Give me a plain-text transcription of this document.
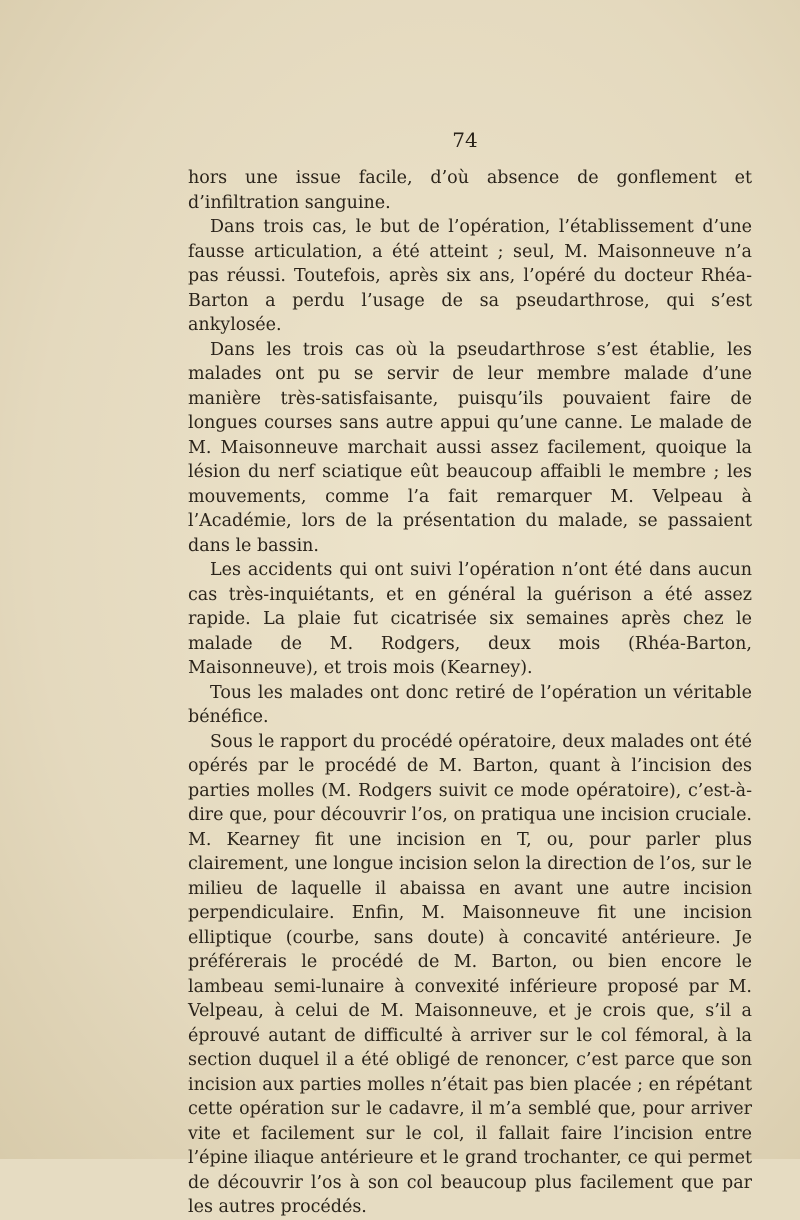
74

hors une issue facile, d’où absence de gonflement et d’infiltration sanguine.

Dans trois cas, le but de l’opération, l’établissement d’une fausse articulation, a été atteint ; seul, M. Maisonneuve n’a pas réussi. Toutefois, après six ans, l’opéré du docteur Rhéa-Barton a perdu l’usage de sa pseudarthrose, qui s’est ankylosée.

Dans les trois cas où la pseudarthrose s’est établie, les malades ont pu se servir de leur membre malade d’une manière très-satisfaisante, puisqu’ils pouvaient faire de longues courses sans autre appui qu’une canne. Le malade de M. Maisonneuve marchait aussi assez facilement, quoique la lésion du nerf sciatique eût beaucoup affaibli le membre ; les mouvements, comme l’a fait remarquer M. Velpeau à l’Académie, lors de la présentation du malade, se passaient dans le bassin.

Les accidents qui ont suivi l’opération n’ont été dans aucun cas très-inquiétants, et en général la guérison a été assez rapide. La plaie fut cicatrisée six semaines après chez le malade de M. Rodgers, deux mois (Rhéa-Barton, Maisonneuve), et trois mois (Kearney).

Tous les malades ont donc retiré de l’opération un véritable bénéfice.

Sous le rapport du procédé opératoire, deux malades ont été opérés par le procédé de M. Barton, quant à l’incision des parties molles (M. Rodgers suivit ce mode opératoire), c’est-à-dire que, pour découvrir l’os, on pratiqua une incision cruciale. M. Kearney fit une incision en T, ou, pour parler plus clairement, une longue incision selon la direction de l’os, sur le milieu de laquelle il abaissa en avant une autre incision perpendiculaire. Enfin, M. Maisonneuve fit une incision elliptique (courbe, sans doute) à concavité antérieure. Je préférerais le procédé de M. Barton, ou bien encore le lambeau semi-lunaire à convexité inférieure proposé par M. Velpeau, à celui de M. Maisonneuve, et je crois que, s’il a éprouvé autant de difficulté à arriver sur le col fémoral, à la section duquel il a été obligé de renoncer, c’est parce que son incision aux parties molles n’était pas bien placée ; en répétant cette opération sur le cadavre, il m’a semblé que, pour arriver vite et facilement sur le col, il fallait faire l’incision entre l’épine iliaque antérieure et le grand trochanter, ce qui permet de découvrir l’os à son col beaucoup plus facilement que par les autres procédés.
